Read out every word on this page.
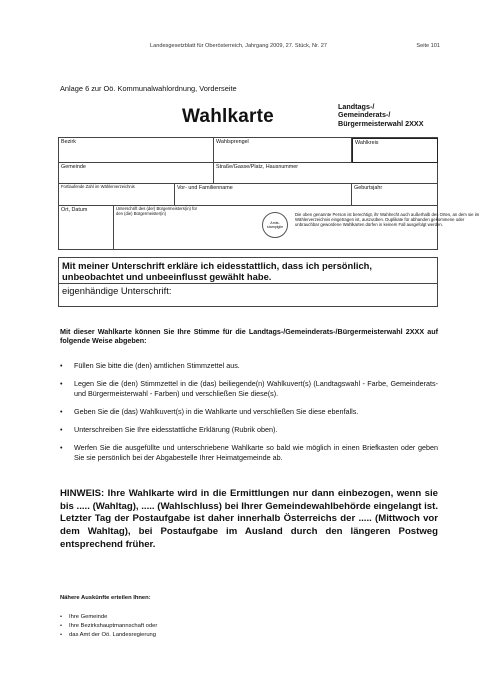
Landesgesetzblatt für Oberösterreich, Jahrgang 2009, 27. Stück, Nr. 27	Seite 101
Anlage 6 zur Oö. Kommunalwahlordnung, Vorderseite
Wahlkarte	Landtags-/
Gemeinderats-/
Bürgermeisterwahl 2XXX
Bezirk	Wahlsprengel	Wahlkreis
Gemeinde	Straße/Gasse/Platz, Hausnummer
Fortlaufende Zahl im Wählerverzeichnis	Vor- und Familienname	Geburtsjahr
Ort, Datum	Unterschrift des (der) Bürgermeisters(in) für den (die) Bürgermeister(in)
Amts-stampiglie
Die oben genannte Person ist berechtigt, ihr Wahlrecht auch außerhalb des Ortes, an dem sie im Wählerverzeichnis eingetragen ist, auszuüben. Duplikate für abhanden gekommene oder unbrauchbar gewordene Wahlkarten dürfen in keinem Fall ausgefolgt werden.
Mit meiner Unterschrift erkläre ich eidesstattlich, dass ich persönlich, unbeobachtet und unbeeinflusst gewählt habe.
eigenhändige Unterschrift:
Mit dieser Wahlkarte können Sie Ihre Stimme für die Landtags-/Gemeinderats-/Bürgermeisterwahl 2XXX auf folgende Weise abgeben:
• Füllen Sie bitte die (den) amtlichen Stimmzettel aus.
• Legen Sie die (den) Stimmzettel in die (das) beiliegende(n) Wahlkuvert(s) (Landtagswahl - Farbe, Gemeinderats- und Bürgermeisterwahl - Farben) und verschließen Sie diese(s).
• Geben Sie die (das) Wahlkuvert(s) in die Wahlkarte und verschließen Sie diese ebenfalls.
• Unterschreiben Sie Ihre eidesstattliche Erklärung (Rubrik oben).
• Werfen Sie die ausgefüllte und unterschriebene Wahlkarte so bald wie möglich in einen Briefkasten oder geben Sie sie persönlich bei der Abgabestelle Ihrer Heimatgemeinde ab.
HINWEIS: Ihre Wahlkarte wird in die Ermittlungen nur dann einbezogen, wenn sie bis ..... (Wahltag), ..... (Wahlschluss) bei Ihrer Gemeindewahlbehörde eingelangt ist. Letzter Tag der Postaufgabe ist daher innerhalb Österreichs der ..... (Mittwoch vor dem Wahltag), bei Postaufgabe im Ausland durch den längeren Postweg entsprechend früher.
Nähere Auskünfte erteilen Ihnen:
• Ihre Gemeinde
• Ihre Bezirkshauptmannschaft oder
• das Amt der Oö. Landesregierung
